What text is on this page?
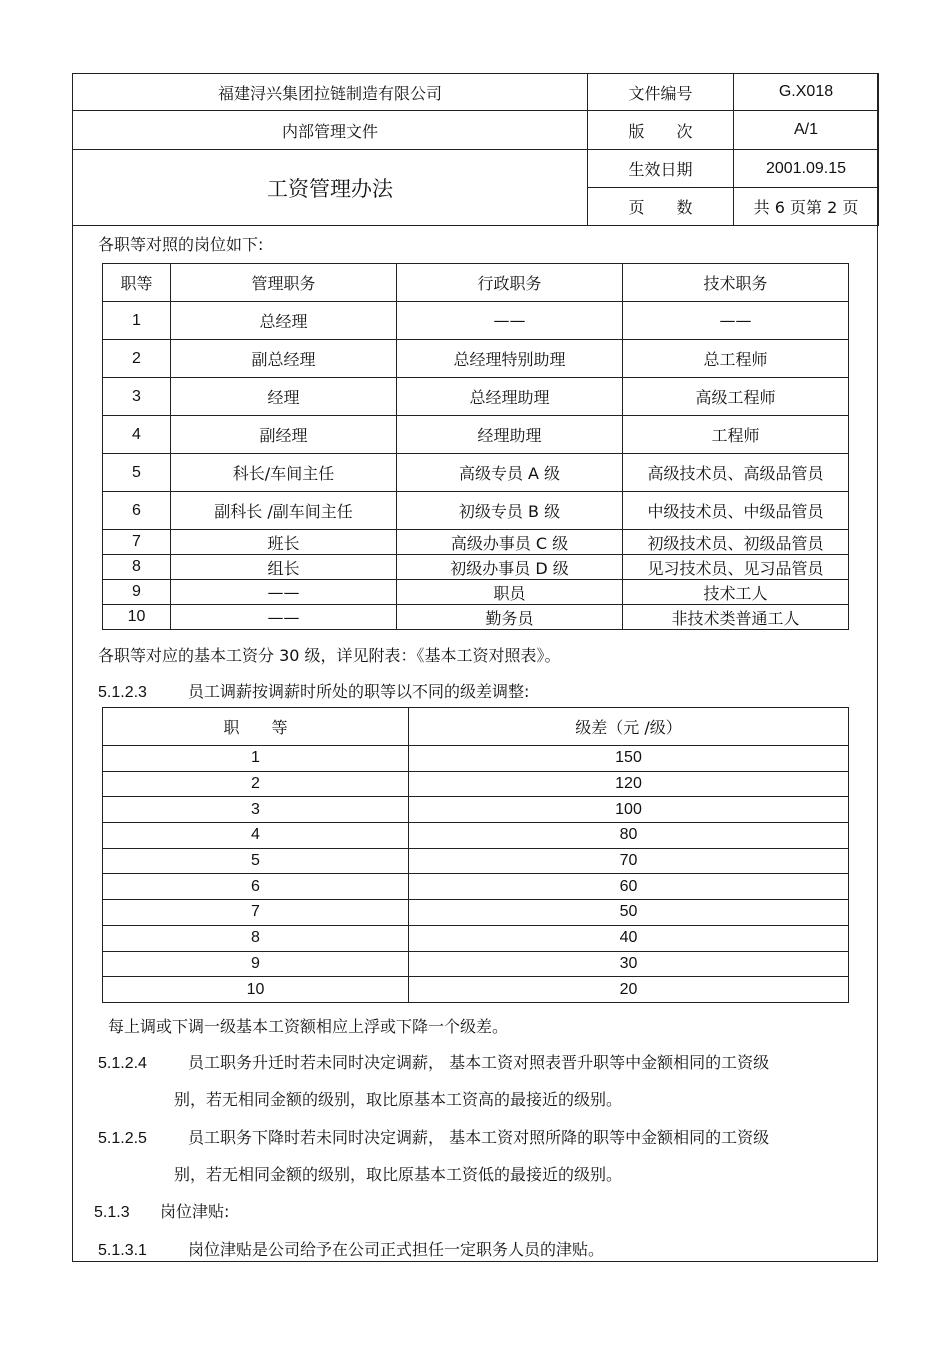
福建浔兴集团拉链制造有限公司	文件编号	G.X018
内部管理文件	版　　次	A/1
工资管理办法	生效日期	2001.09.15
	页　　数	共 6 页第 2 页
各职等对照的岗位如下:
职等	管理职务	行政职务	技术职务
1	总经理	——	——
2	副总经理	总经理特别助理	总工程师
3	经理	总经理助理	高级工程师
4	副经理	经理助理	工程师
5	科长/车间主任	高级专员 A 级	高级技术员、高级品管员
6	副科长 /副车间主任	初级专员 B 级	中级技术员、中级品管员
7	班长	高级办事员 C 级	初级技术员、初级品管员
8	组长	初级办事员 D 级	见习技术员、见习品管员
9	——	职员	技术工人
10	——	勤务员	非技术类普通工人
各职等对应的基本工资分 30 级，详见附表：《基本工资对照表》。
5.1.2.3	员工调薪按调薪时所处的职等以不同的级差调整:
职　　等	级差（元 /级）
1	150
2	120
3	100
4	80
5	70
6	60
7	50
8	40
9	30
10	20
每上调或下调一级基本工资额相应上浮或下降一个级差。
5.1.2.4	员工职务升迁时若未同时决定调薪， 基本工资对照表晋升职等中金额相同的工资级
别，若无相同金额的级别，取比原基本工资高的最接近的级别。
5.1.2.5	员工职务下降时若未同时决定调薪， 基本工资对照所降的职等中金额相同的工资级
别，若无相同金额的级别，取比原基本工资低的最接近的级别。
5.1.3 岗位津贴:
5.1.3.1	岗位津贴是公司给予在公司正式担任一定职务人员的津贴。
